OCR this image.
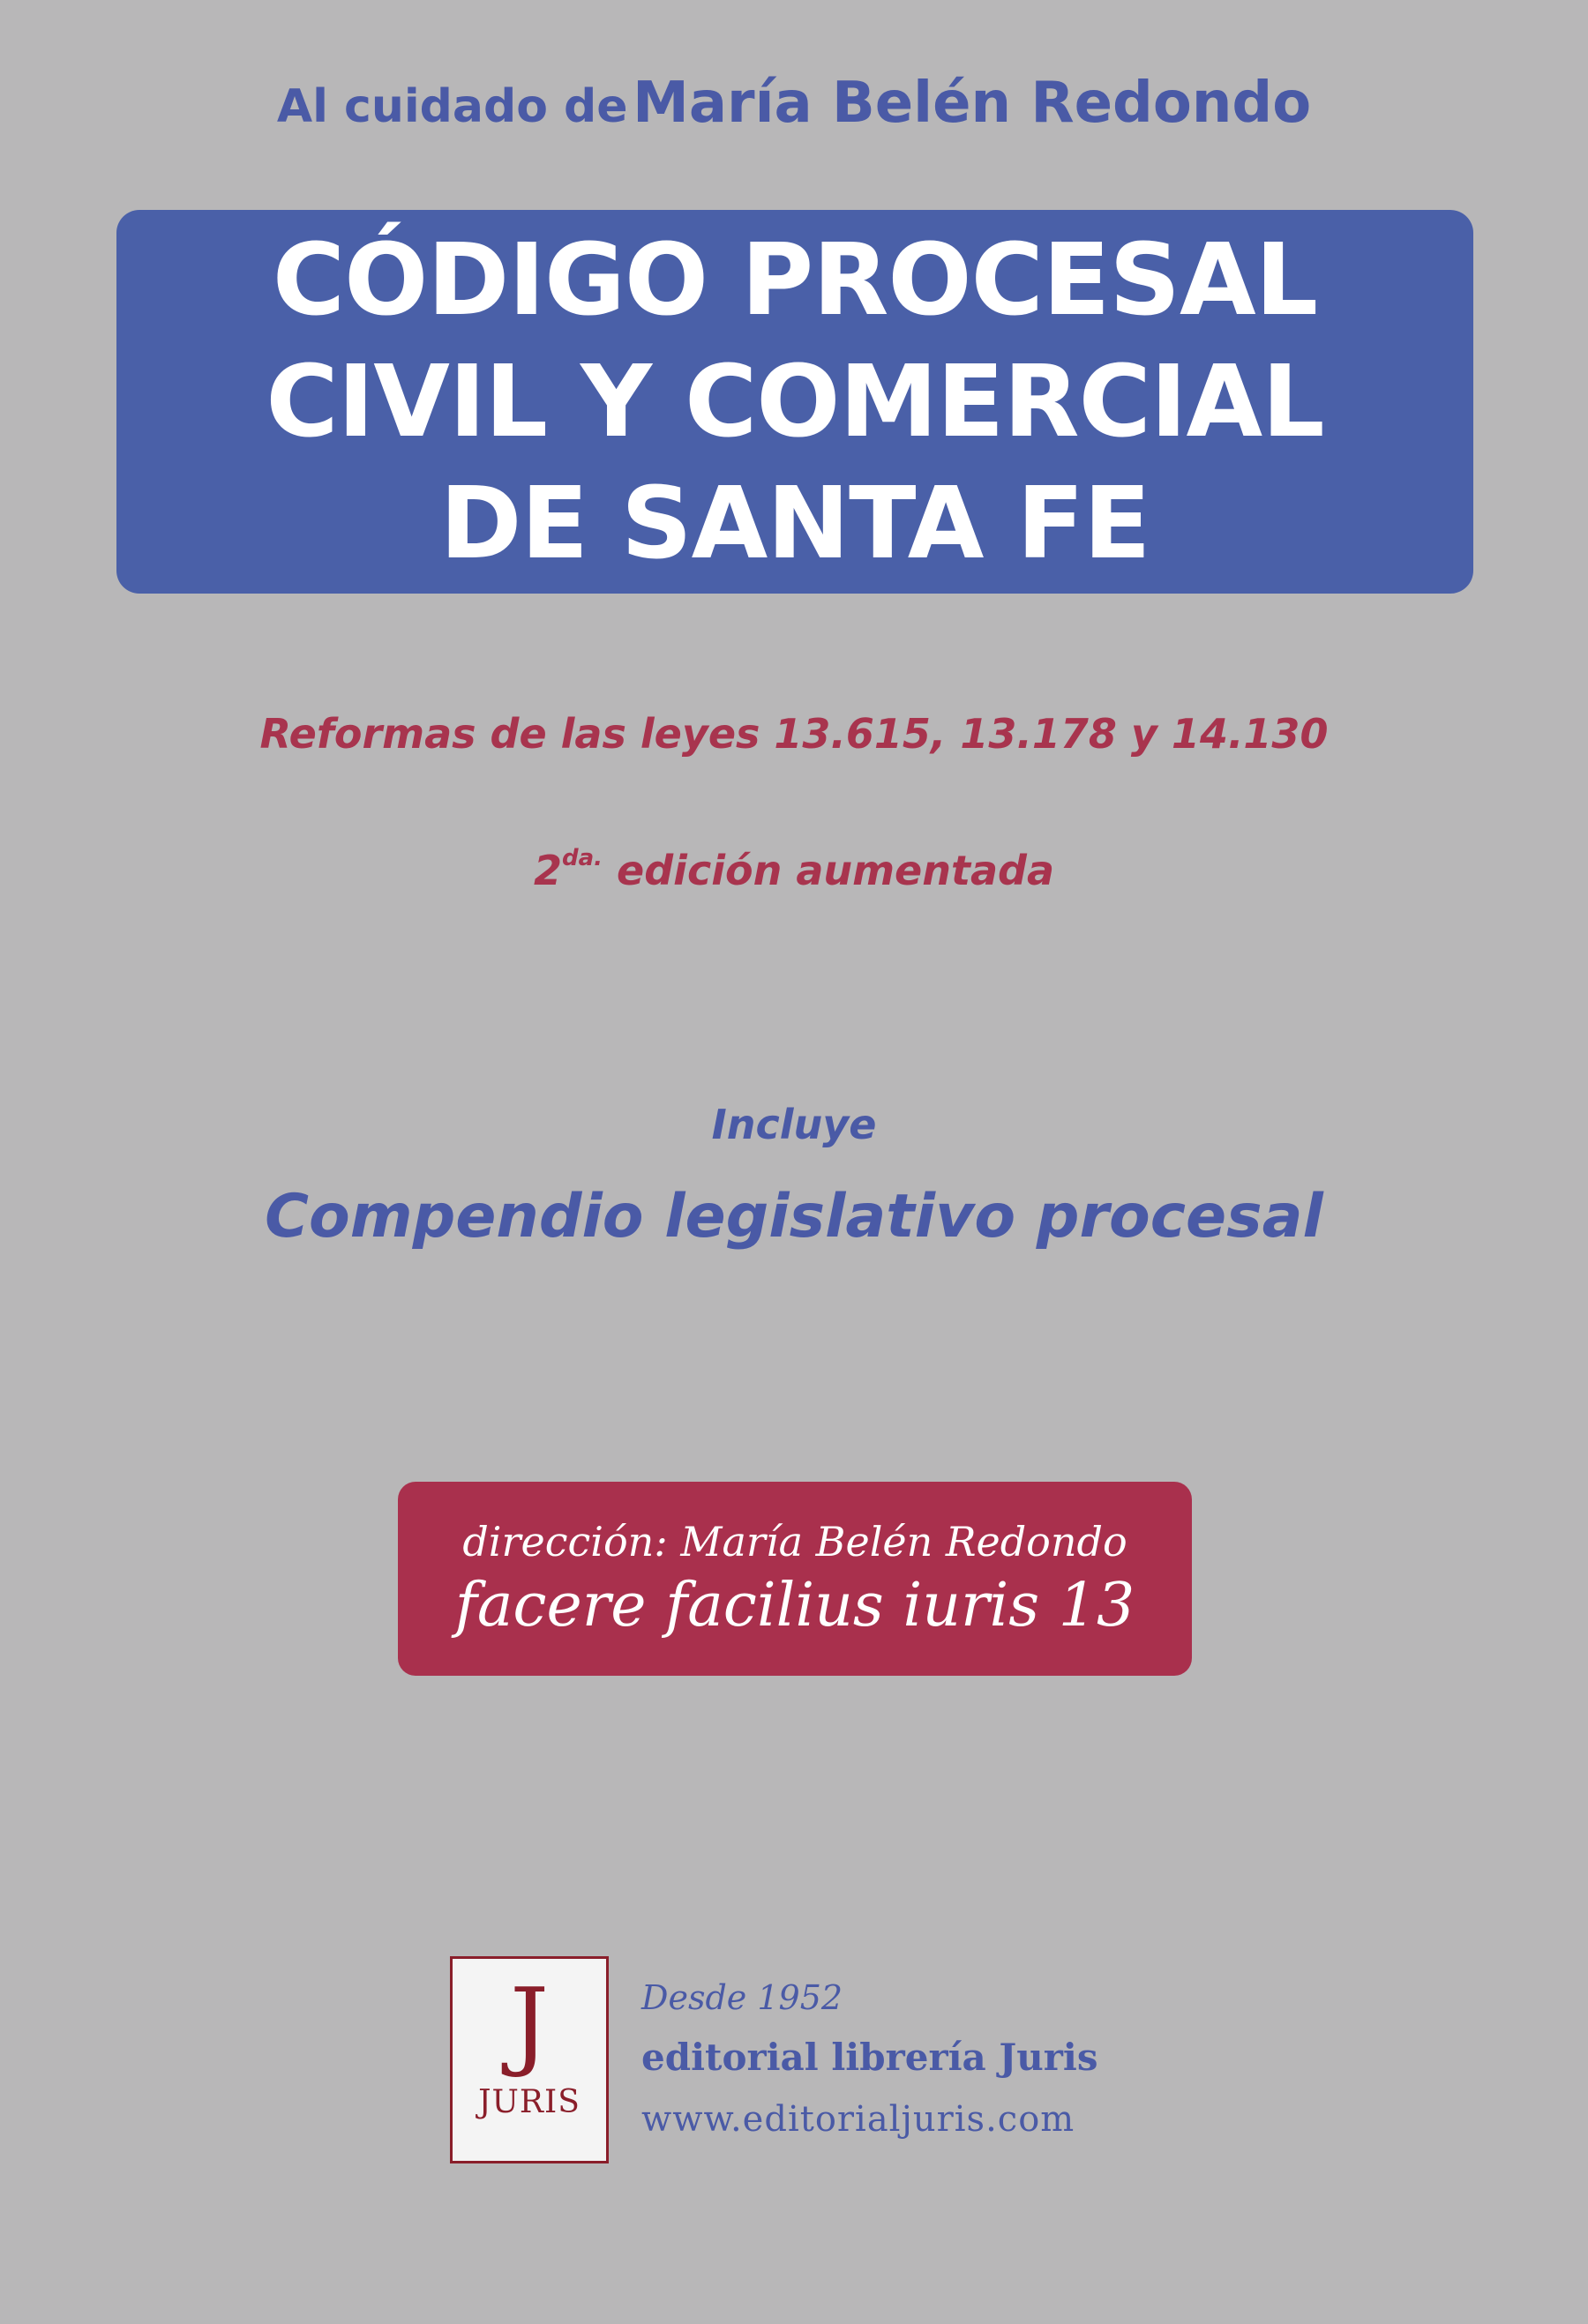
Al cuidado de María Belén Redondo
CÓDIGO PROCESAL
CIVIL Y COMERCIAL
DE SANTA FE
Reformas de las leyes 13.615, 13.178 y 14.130
$2^{da.}$ edición aumentada
Incluye
Compendio legislativo procesal
dirección: María Belén Redondo
facere facilius iuris 13
J
JURIS
Desde 1952
editorial librería Juris
www.editorialjuris.com
